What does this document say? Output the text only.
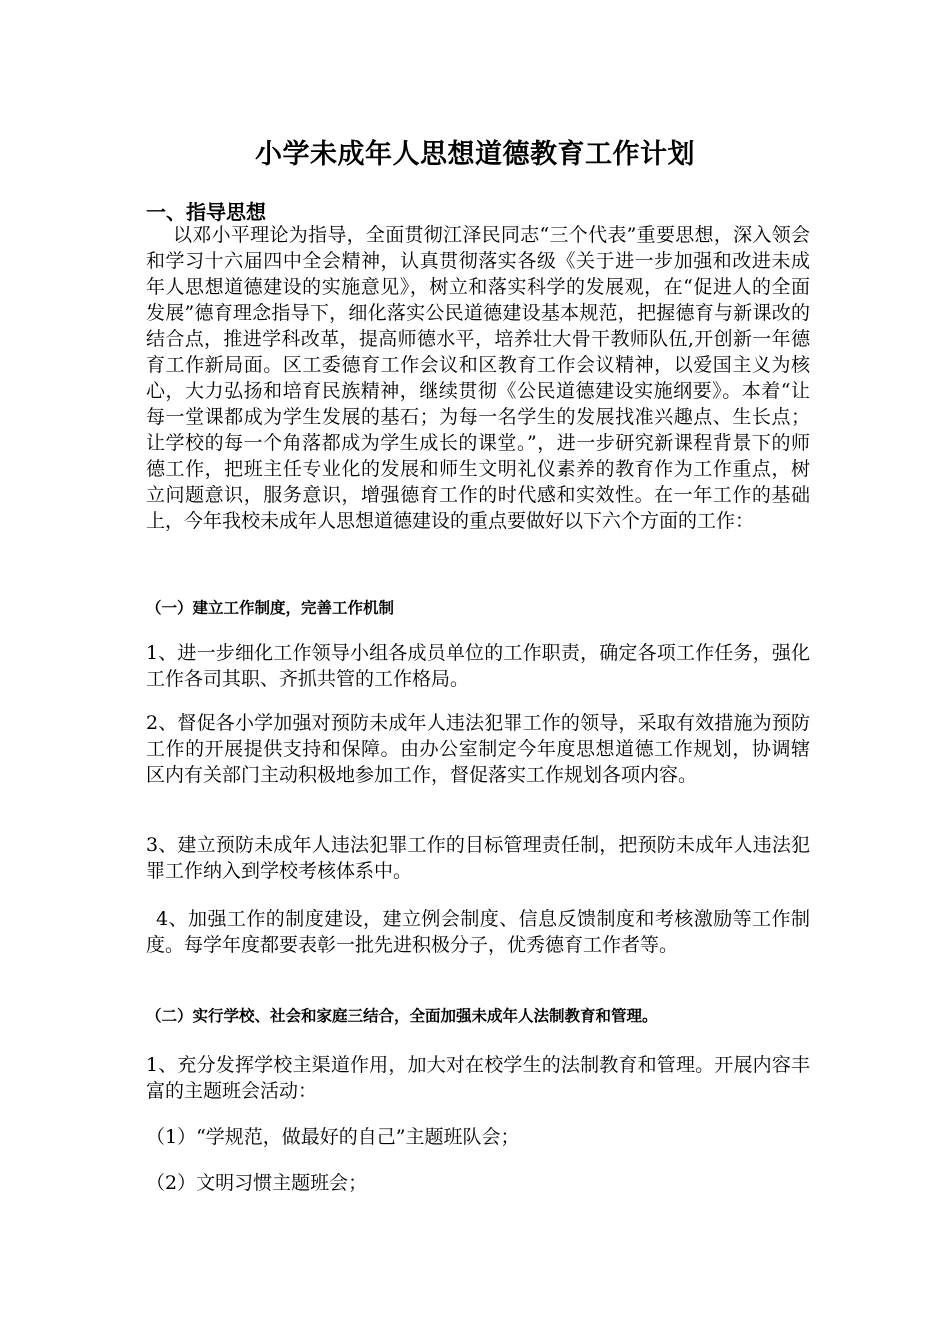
小学未成年人思想道德教育工作计划
一、指导思想
以邓小平理论为指导，全面贯彻江泽民同志“三个代表”重要思想，深入领会和学习十六届四中全会精神，认真贯彻落实各级《关于进一步加强和改进未成年人思想道德建设的实施意见》，树立和落实科学的发展观，在“促进人的全面发展”德育理念指导下，细化落实公民道德建设基本规范，把握德育与新课改的结合点，推进学科改革，提高师德水平，培养壮大骨干教师队伍,开创新一年德育工作新局面。区工委德育工作会议和区教育工作会议精神，以爱国主义为核心，大力弘扬和培育民族精神，继续贯彻《公民道德建设实施纲要》。本着“让每一堂课都成为学生发展的基石；为每一名学生的发展找准兴趣点、生长点；让学校的每一个角落都成为学生成长的课堂。”，进一步研究新课程背景下的师德工作，把班主任专业化的发展和师生文明礼仪素养的教育作为工作重点，树立问题意识，服务意识，增强德育工作的时代感和实效性。在一年工作的基础上，今年我校未成年人思想道德建设的重点要做好以下六个方面的工作：
（一）建立工作制度，完善工作机制
1、进一步细化工作领导小组各成员单位的工作职责，确定各项工作任务，强化工作各司其职、齐抓共管的工作格局。
2、督促各小学加强对预防未成年人违法犯罪工作的领导，采取有效措施为预防工作的开展提供支持和保障。由办公室制定今年度思想道德工作规划，协调辖区内有关部门主动积极地参加工作，督促落实工作规划各项内容。
3、建立预防未成年人违法犯罪工作的目标管理责任制，把预防未成年人违法犯罪工作纳入到学校考核体系中。
4、加强工作的制度建设，建立例会制度、信息反馈制度和考核激励等工作制度。每学年度都要表彰一批先进积极分子，优秀德育工作者等。
（二）实行学校、社会和家庭三结合，全面加强未成年人法制教育和管理。
1、充分发挥学校主渠道作用，加大对在校学生的法制教育和管理。开展内容丰富的主题班会活动：
（1）“学规范，做最好的自己”主题班队会；
（2）文明习惯主题班会；
